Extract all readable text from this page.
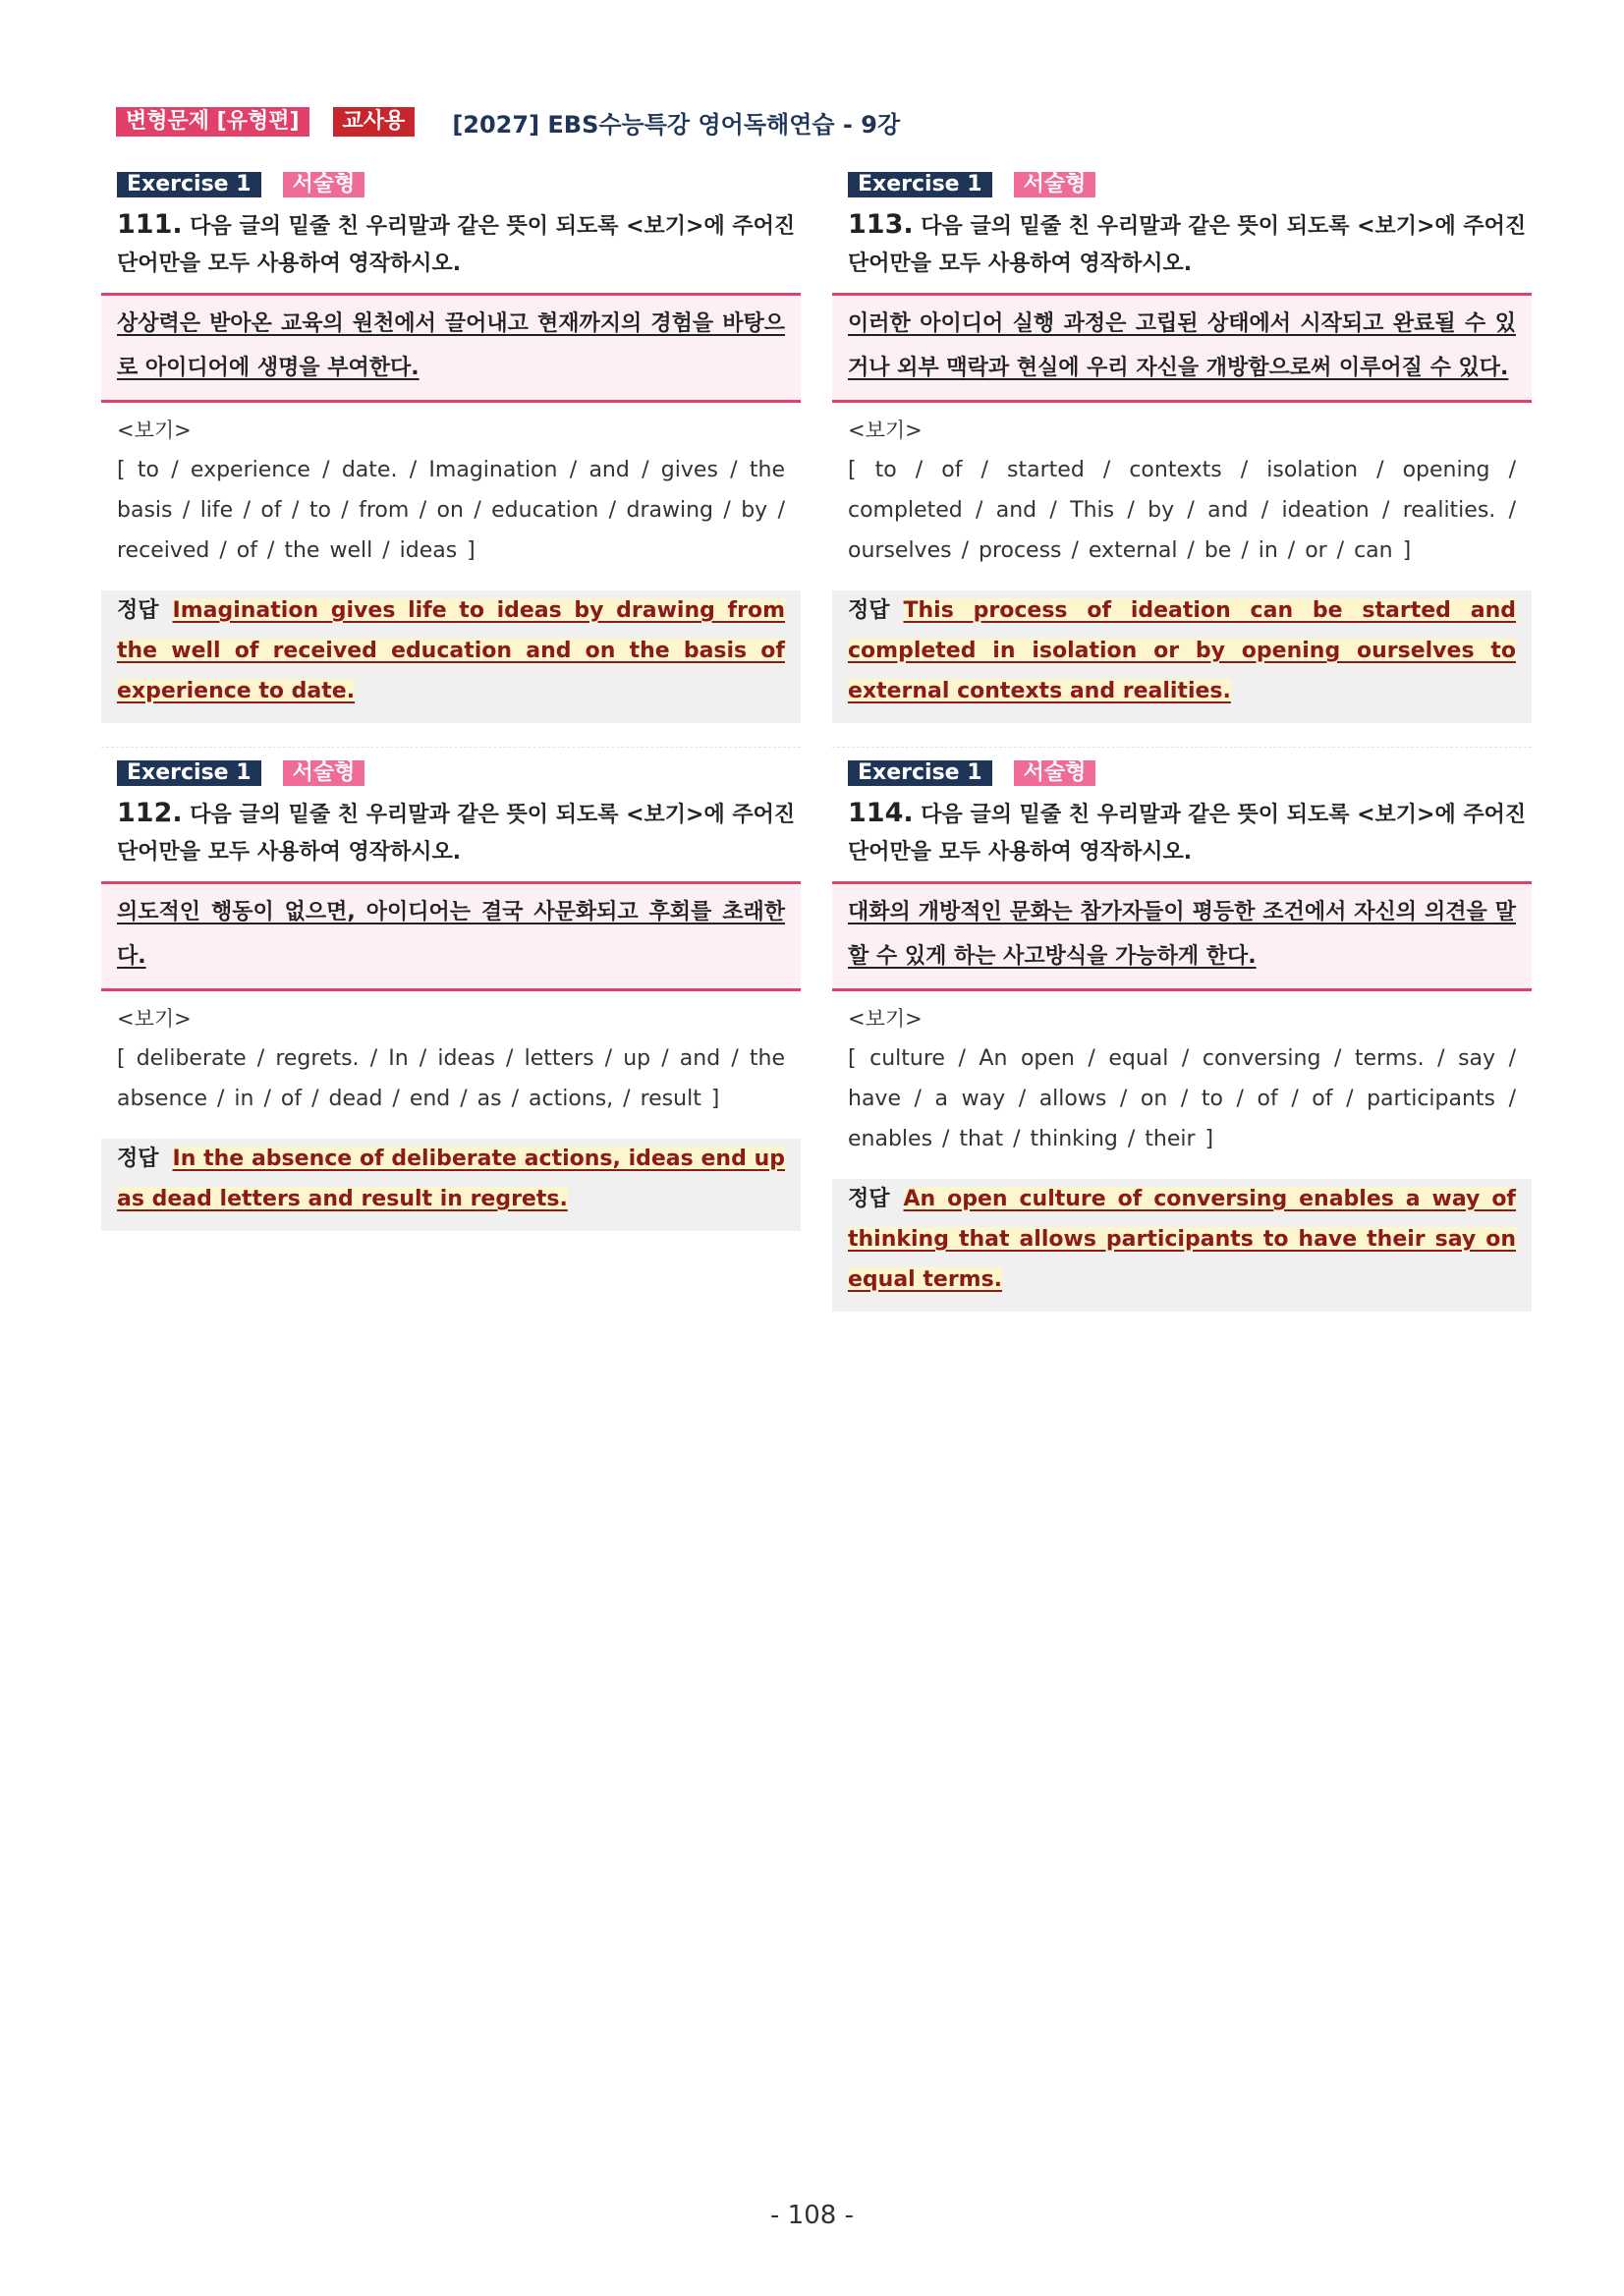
변형문제 [유형편]	교사용	[2027] EBS수능특강 영어독해연습 - 9강
Exercise 1	서술형
111. 다음 글의 밑줄 친 우리말과 같은 뜻이 되도록 <보기>에 주어진 단어만을 모두 사용하여 영작하시오.
상상력은 받아온 교육의 원천에서 끌어내고 현재까지의 경험을 바탕으로 아이디어에 생명을 부여한다.
<보기>
[ to / experience / date. / Imagination / and / gives / the basis / life / of / to / from / on / education / drawing / by / received / of / the well / ideas ]
정답 Imagination gives life to ideas by drawing from the well of received education and on the basis of experience to date.
Exercise 1	서술형
112. 다음 글의 밑줄 친 우리말과 같은 뜻이 되도록 <보기>에 주어진 단어만을 모두 사용하여 영작하시오.
의도적인 행동이 없으면, 아이디어는 결국 사문화되고 후회를 초래한다.
<보기>
[ deliberate / regrets. / In / ideas / letters / up / and / the absence / in / of / dead / end / as / actions, / result ]
정답 In the absence of deliberate actions, ideas end up as dead letters and result in regrets.
Exercise 1	서술형
113. 다음 글의 밑줄 친 우리말과 같은 뜻이 되도록 <보기>에 주어진 단어만을 모두 사용하여 영작하시오.
이러한 아이디어 실행 과정은 고립된 상태에서 시작되고 완료될 수 있거나 외부 맥락과 현실에 우리 자신을 개방함으로써 이루어질 수 있다.
<보기>
[ to / of / started / contexts / isolation / opening / completed / and / This / by / and / ideation / realities. / ourselves / process / external / be / in / or / can ]
정답 This process of ideation can be started and completed in isolation or by opening ourselves to external contexts and realities.
Exercise 1	서술형
114. 다음 글의 밑줄 친 우리말과 같은 뜻이 되도록 <보기>에 주어진 단어만을 모두 사용하여 영작하시오.
대화의 개방적인 문화는 참가자들이 평등한 조건에서 자신의 의견을 말할 수 있게 하는 사고방식을 가능하게 한다.
<보기>
[ culture / An open / equal / conversing / terms. / say / have / a way / allows / on / to / of / of / participants / enables / that / thinking / their ]
정답 An open culture of conversing enables a way of thinking that allows participants to have their say on equal terms.
- 108 -
